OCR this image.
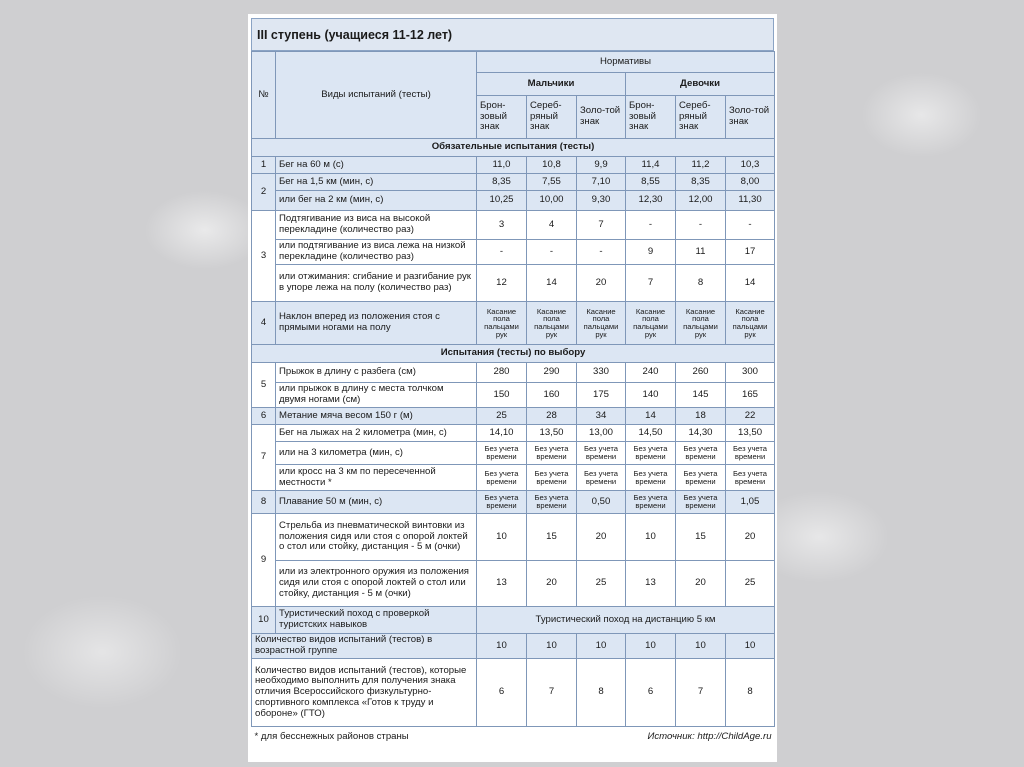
III ступень (учащиеся 11-12 лет)
№	Виды испытаний (тесты)	Нормативы					
		Мальчики			Девочки		
		Брон-зовый знак	Сереб-ряный знак	Золо-той знак	Брон-зовый знак	Сереб-ряный знак	Золо-той знак
Обязательные испытания (тесты)							
1	Бег на 60 м (с)	11,0	10,8	9,9	11,4	11,2	10,3
2	Бег на 1,5 км (мин, с)	8,35	7,55	7,10	8,55	8,35	8,00
	или бег на 2 км (мин, с)	10,25	10,00	9,30	12,30	12,00	11,30
3	Подтягивание из виса на высокой перекладине (количество раз)	3	4	7	-	-	-
	или подтягивание из виса лежа на низкой перекладине (количество раз)	-	-	-	9	11	17
	или отжимания: сгибание и разгибание рук в упоре лежа на полу (количество раз)	12	14	20	7	8	14
4	Наклон вперед из положения стоя с прямыми ногами на полу	Касание пола пальцами рук	Касание пола пальцами рук	Касание пола пальцами рук	Касание пола пальцами рук	Касание пола пальцами рук	Касание пола пальцами рук
Испытания (тесты) по выбору							
5	Прыжок в длину с разбега (см)	280	290	330	240	260	300
	или прыжок в длину с места толчком двумя ногами (см)	150	160	175	140	145	165
6	Метание мяча весом 150 г (м)	25	28	34	14	18	22
7	Бег на лыжах на 2 километра (мин, с)	14,10	13,50	13,00	14,50	14,30	13,50
	или на 3 километра (мин, с)	Без учета времени	Без учета времени	Без учета времени	Без учета времени	Без учета времени	Без учета времени
	или кросс на 3 км по пересеченной местности *	Без учета времени	Без учета времени	Без учета времени	Без учета времени	Без учета времени	Без учета времени
8	Плавание 50 м (мин, с)	Без учета времени	Без учета времени	0,50	Без учета времени	Без учета времени	1,05
9	Стрельба из пневматической винтовки из положения сидя или стоя с опорой локтей о стол или стойку, дистанция - 5 м (очки)	10	15	20	10	15	20
	или из электронного оружия из положения сидя или стоя с опорой локтей о стол или стойку, дистанция - 5 м (очки)	13	20	25	13	20	25
10	Туристический поход с проверкой туристских навыков	Туристический поход на дистанцию 5 км					
Количество видов испытаний (тестов) в возрастной группе		10	10	10	10	10	10
Количество видов испытаний (тестов), которые необходимо выполнить для получения знака отличия Всероссийского физкультурно-спортивного комплекса «Готов к труду и обороне» (ГТО)		6	7	8	6	7	8
* для бесснежных районов страны				Источник: http://ChildAge.ru			
